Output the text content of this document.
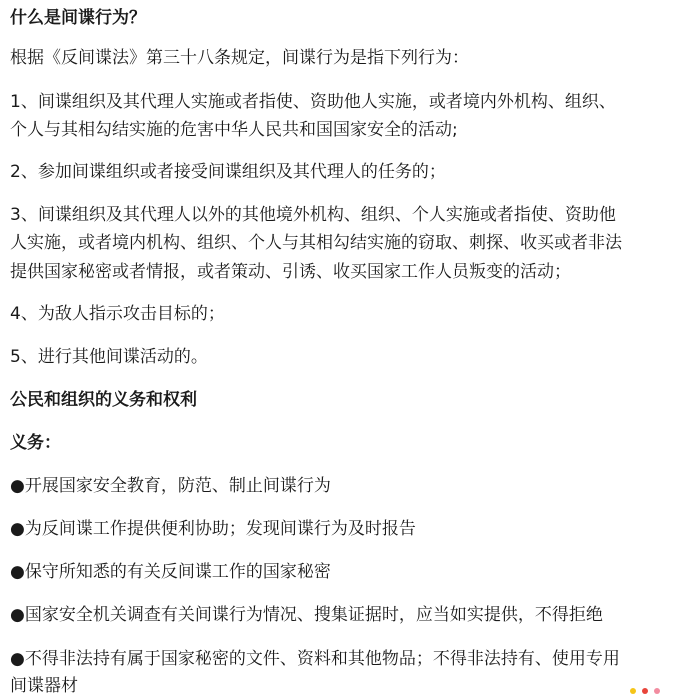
什么是间谍行为？

根据《反间谍法》第三十八条规定，间谍行为是指下列行为：

1、间谍组织及其代理人实施或者指使、资助他人实施，或者境内外机构、组织、

个人与其相勾结实施的危害中华人民共和国国家安全的活动;

2、参加间谍组织或者接受间谍组织及其代理人的任务的；

3、间谍组织及其代理人以外的其他境外机构、组织、个人实施或者指使、资助他

人实施，或者境内机构、组织、个人与其相勾结实施的窃取、刺探、收买或者非法

提供国家秘密或者情报，或者策动、引诱、收买国家工作人员叛变的活动；

4、为敌人指示攻击目标的；

5、进行其他间谍活动的。

公民和组织的义务和权利

义务：

●开展国家安全教育，防范、制止间谍行为

●为反间谍工作提供便利协助；发现间谍行为及时报告

●保守所知悉的有关反间谍工作的国家秘密

●国家安全机关调查有关间谍行为情况、搜集证据时，应当如实提供，不得拒绝

●不得非法持有属于国家秘密的文件、资料和其他物品；不得非法持有、使用专用

间谍器材
